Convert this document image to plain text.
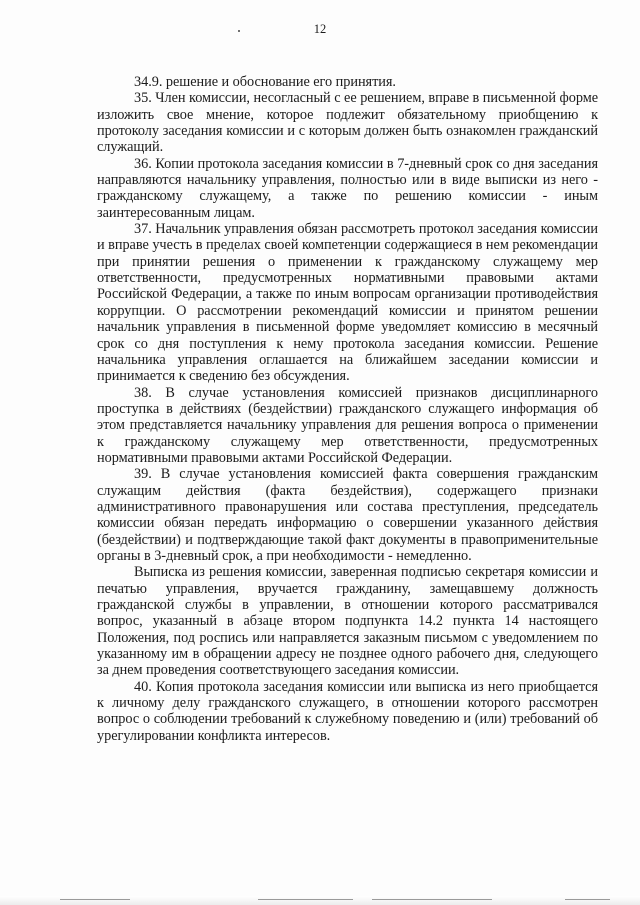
12

34.9. решение и обоснование его принятия.

35. Член комиссии, несогласный с ее решением, вправе в письменной форме изложить свое мнение, которое подлежит обязательному приобщению к протоколу заседания комиссии и с которым должен быть ознакомлен гражданский служащий.

36. Копии протокола заседания комиссии в 7-дневный срок со дня заседания направляются начальнику управления, полностью или в виде выписки из него - гражданскому служащему, а также по решению комиссии - иным заинтересованным лицам.

37. Начальник управления обязан рассмотреть протокол заседания комиссии и вправе учесть в пределах своей компетенции содержащиеся в нем рекомендации при принятии решения о применении к гражданскому служащему мер ответственности, предусмотренных нормативными правовыми актами Российской Федерации, а также по иным вопросам организации противодействия коррупции. О рассмотрении рекомендаций комиссии и принятом решении начальник управления в письменной форме уведомляет комиссию в месячный срок со дня поступления к нему протокола заседания комиссии. Решение начальника управления оглашается на ближайшем заседании комиссии и принимается к сведению без обсуждения.

38. В случае установления комиссией признаков дисциплинарного проступка в действиях (бездействии) гражданского служащего информация об этом представляется начальнику управления для решения вопроса о применении к гражданскому служащему мер ответственности, предусмотренных нормативными правовыми актами Российской Федерации.

39. В случае установления комиссией факта совершения гражданским служащим действия (факта бездействия), содержащего признаки административного правонарушения или состава преступления, председатель комиссии обязан передать информацию о совершении указанного действия (бездействии) и подтверждающие такой факт документы в правоприменительные органы в 3-дневный срок, а при необходимости - немедленно.

Выписка из решения комиссии, заверенная подписью секретаря комиссии и печатью управления, вручается гражданину, замещавшему должность гражданской службы в управлении, в отношении которого рассматривался вопрос, указанный в абзаце втором подпункта 14.2 пункта 14 настоящего Положения, под роспись или направляется заказным письмом с уведомлением по указанному им в обращении адресу не позднее одного рабочего дня, следующего за днем проведения соответствующего заседания комиссии.

40. Копия протокола заседания комиссии или выписка из него приобщается к личному делу гражданского служащего, в отношении которого рассмотрен вопрос о соблюдении требований к служебному поведению и (или) требований об урегулировании конфликта интересов.
